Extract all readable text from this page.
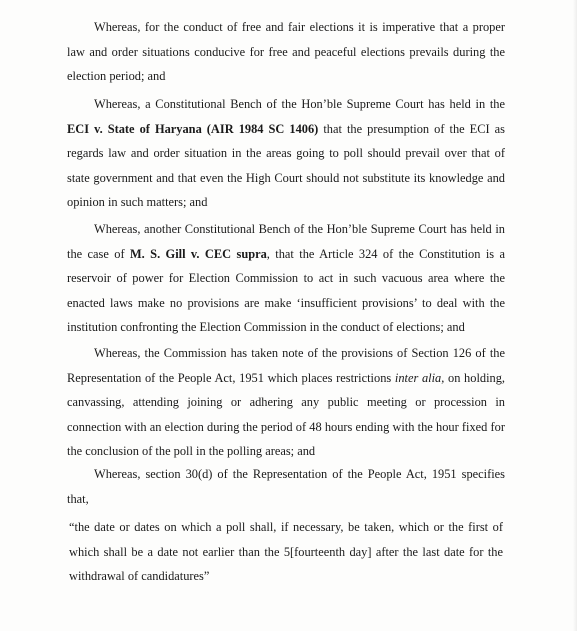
Whereas, for the conduct of free and fair elections it is imperative that a proper law and order situations conducive for free and peaceful elections prevails during the election period; and

Whereas, a Constitutional Bench of the Hon’ble Supreme Court has held in the ECI v. State of Haryana (AIR 1984 SC 1406) that the presumption of the ECI as regards law and order situation in the areas going to poll should prevail over that of state government and that even the High Court should not substitute its knowledge and opinion in such matters; and

Whereas, another Constitutional Bench of the Hon’ble Supreme Court has held in the case of M. S. Gill v. CEC supra, that the Article 324 of the Constitution is a reservoir of power for Election Commission to act in such vacuous area where the enacted laws make no provisions are make ‘insufficient provisions’ to deal with the institution confronting the Election Commission in the conduct of elections; and

Whereas, the Commission has taken note of the provisions of Section 126 of the Representation of the People Act, 1951 which places restrictions inter alia, on holding, canvassing, attending joining or adhering any public meeting or procession in connection with an election during the period of 48 hours ending with the hour fixed for the conclusion of the poll in the polling areas; and

Whereas, section 30(d) of the Representation of the People Act, 1951 specifies that,

“the date or dates on which a poll shall, if necessary, be taken, which or the first of which shall be a date not earlier than the 5[fourteenth day] after the last date for the withdrawal of candidatures”
